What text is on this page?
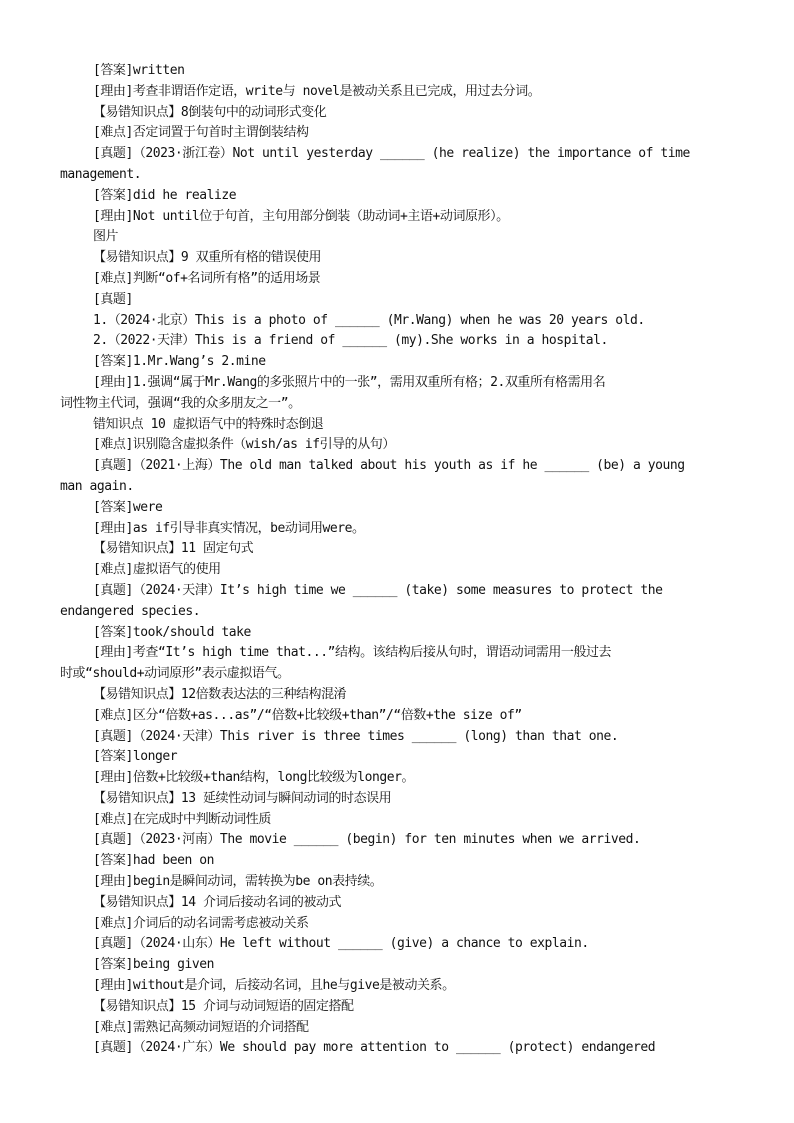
[答案]written
[理由]考查非谓语作定语，write与 novel是被动关系且已完成，用过去分词。
【易错知识点】8倒装句中的动词形式变化
[难点]否定词置于句首时主谓倒装结构
[真题]（2023·浙江卷）Not until yesterday ______ (he realize) the importance of time
management.
[答案]did he realize
[理由]Not until位于句首，主句用部分倒装（助动词+主语+动词原形）。
图片
【易错知识点】9 双重所有格的错误使用
[难点]判断“of+名词所有格”的适用场景
[真题]
1.（2024·北京）This is a photo of ______ (Mr.Wang) when he was 20 years old.
2.（2022·天津）This is a friend of ______ (my).She works in a hospital.
[答案]1.Mr.Wang’s 2.mine
[理由]1.强调“属于Mr.Wang的多张照片中的一张”，需用双重所有格；2.双重所有格需用名
词性物主代词，强调“我的众多朋友之一”。
错知识点 10 虚拟语气中的特殊时态倒退
[难点]识别隐含虚拟条件（wish/as if引导的从句）
[真题]（2021·上海）The old man talked about his youth as if he ______ (be) a young
man again.
[答案]were
[理由]as if引导非真实情况，be动词用were。
【易错知识点】11 固定句式
[难点]虚拟语气的使用
[真题]（2024·天津）It’s high time we ______ (take) some measures to protect the
endangered species.
[答案]took/should take
[理由]考查“It’s high time that...”结构。该结构后接从句时，谓语动词需用一般过去
时或“should+动词原形”表示虚拟语气。
【易错知识点】12倍数表达法的三种结构混淆
[难点]区分“倍数+as...as”/“倍数+比较级+than”/“倍数+the size of”
[真题]（2024·天津）This river is three times ______ (long) than that one.
[答案]longer
[理由]倍数+比较级+than结构，long比较级为longer。
【易错知识点】13 延续性动词与瞬间动词的时态误用
[难点]在完成时中判断动词性质
[真题]（2023·河南）The movie ______ (begin) for ten minutes when we arrived.
[答案]had been on
[理由]begin是瞬间动词，需转换为be on表持续。
【易错知识点】14 介词后接动名词的被动式
[难点]介词后的动名词需考虑被动关系
[真题]（2024·山东）He left without ______ (give) a chance to explain.
[答案]being given
[理由]without是介词，后接动名词，且he与give是被动关系。
【易错知识点】15 介词与动词短语的固定搭配
[难点]需熟记高频动词短语的介词搭配
[真题]（2024·广东）We should pay more attention to ______ (protect) endangered
